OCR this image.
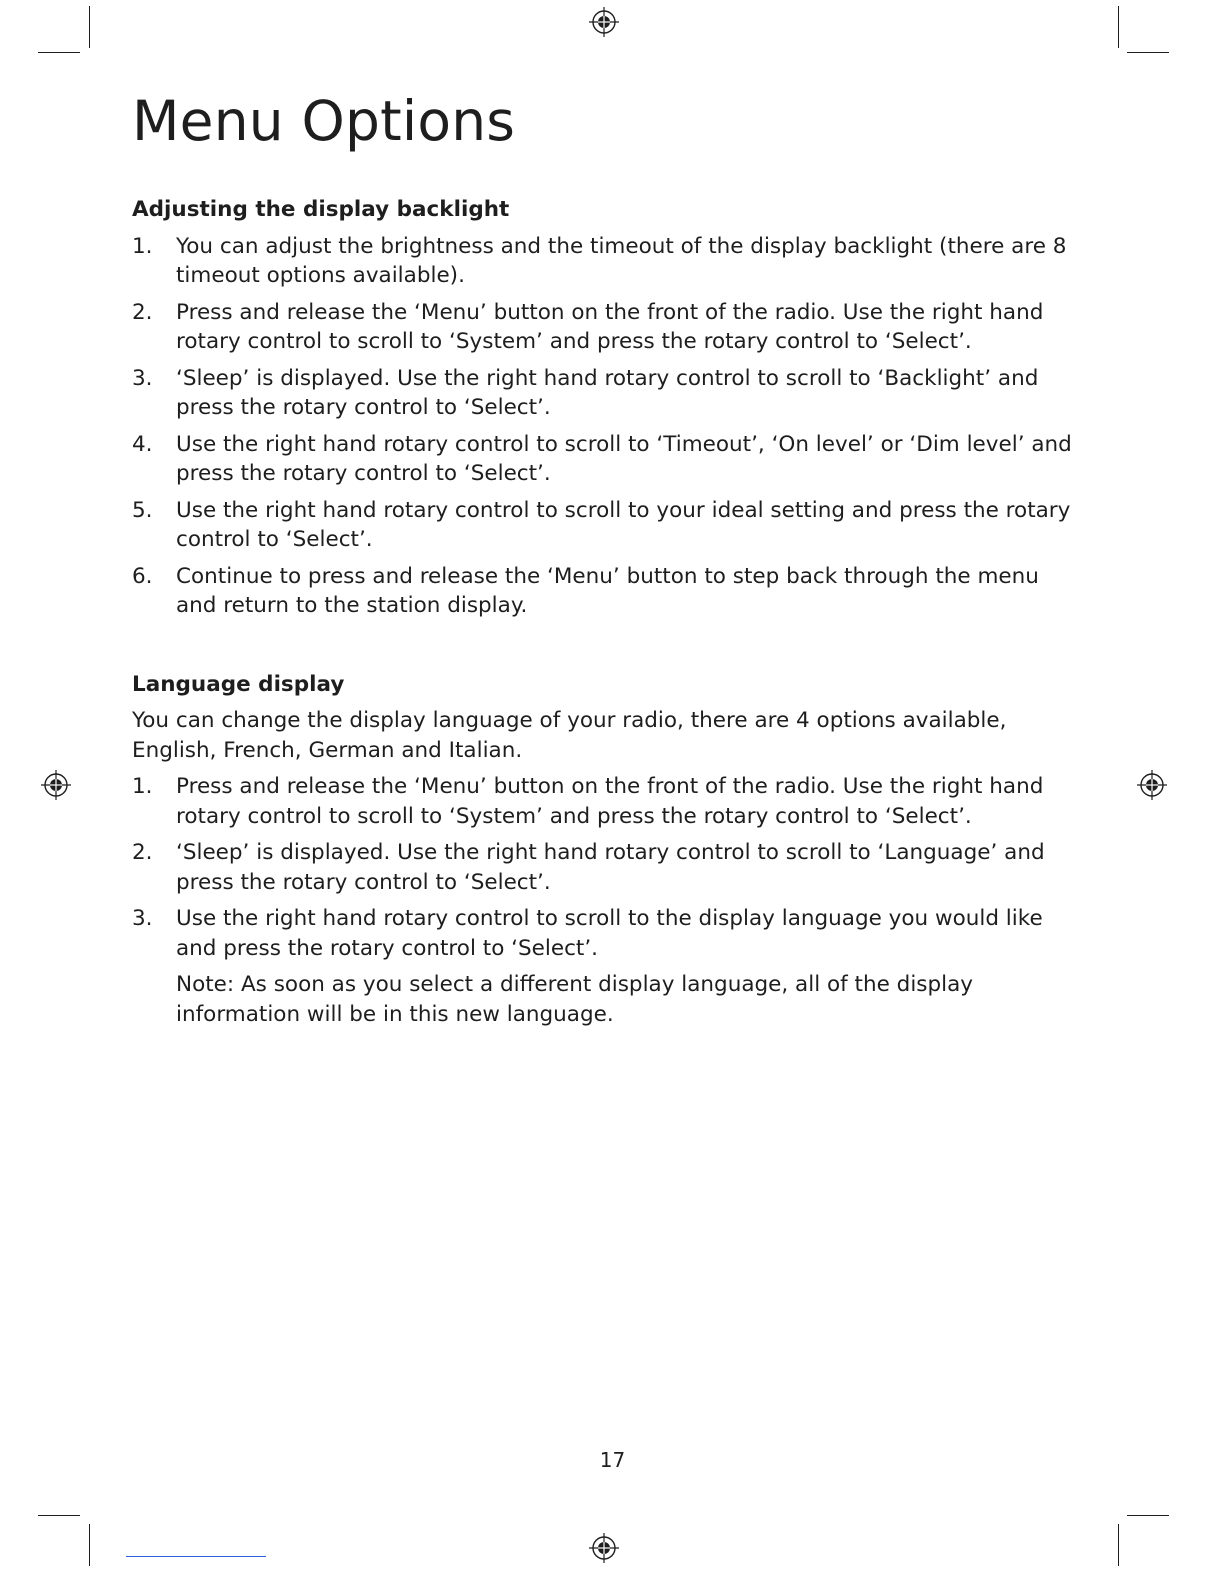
Menu Options
Adjusting the display backlight
1.	You can adjust the brightness and the timeout of the display backlight (there are 8 timeout options available).
2.	Press and release the ‘Menu’ button on the front of the radio. Use the right hand rotary control to scroll to ‘System’ and press the rotary control to ‘Select’.
3.	‘Sleep’ is displayed. Use the right hand rotary control to scroll to ‘Backlight’ and press the rotary control to ‘Select’.
4.	Use the right hand rotary control to scroll to ‘Timeout’, ‘On level’ or ‘Dim level’ and press the rotary control to ‘Select’.
5.	Use the right hand rotary control to scroll to your ideal setting and press the rotary control to ‘Select’.
6.	Continue to press and release the ‘Menu’ button to step back through the menu and return to the station display.
Language display

You can change the display language of your radio, there are 4 options available, English, French, German and Italian.

1.	Press and release the ‘Menu’ button on the front of the radio. Use the right hand rotary control to scroll to ‘System’ and press the rotary control to ‘Select’.
2.	‘Sleep’ is displayed. Use the right hand rotary control to scroll to ‘Language’ and press the rotary control to ‘Select’.
3.	Use the right hand rotary control to scroll to the display language you would like and press the rotary control to ‘Select’.

Note: As soon as you select a different display language, all of the display information will be in this new language.

17
